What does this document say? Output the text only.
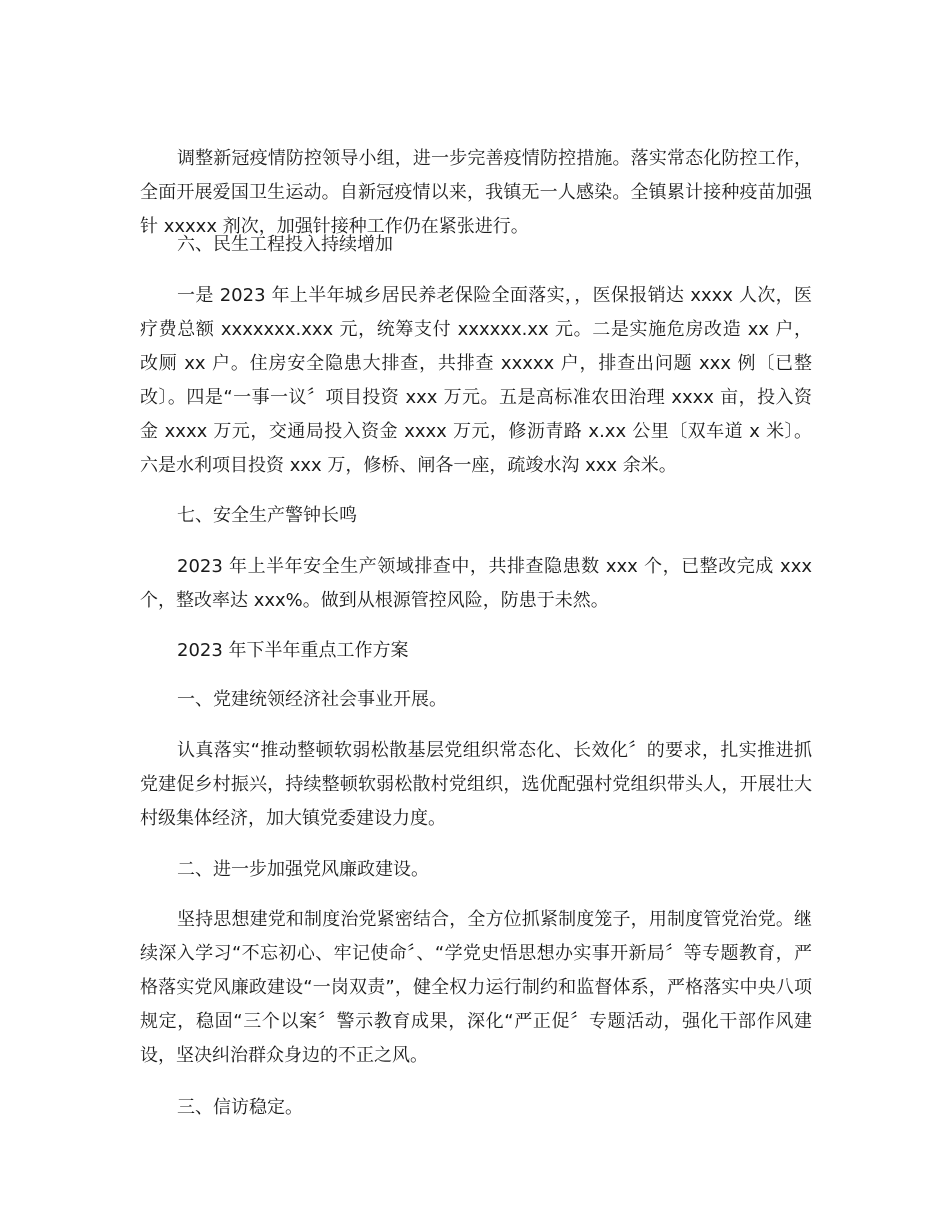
调整新冠疫情防控领导小组，进一步完善疫情防控措施。落实常态化防控工作，全面开展爱国卫生运动。自新冠疫情以来，我镇无一人感染。全镇累计接种疫苗加强针 xxxxx 剂次，加强针接种工作仍在紧张进行。

六、民生工程投入持续增加

一是 2023 年上半年城乡居民养老保险全面落实，，医保报销达 xxxx 人次，医疗费总额 xxxxxxx.xxx 元，统筹支付 xxxxxx.xx 元。二是实施危房改造 xx 户，改厕 xx 户。住房安全隐患大排查，共排查 xxxxx 户，排查出问题 xxx 例〔已整改〕。四是“一事一议〞项目投资 xxx 万元。五是高标准农田治理 xxxx 亩，投入资金 xxxx 万元，交通局投入资金 xxxx 万元，修沥青路 x.xx 公里〔双车道 x 米〕。六是水利项目投资 xxx 万，修桥、闸各一座，疏竣水沟 xxx 余米。

七、安全生产警钟长鸣

2023 年上半年安全生产领域排查中，共排查隐患数 xxx 个，已整改完成 xxx 个，整改率达 xxx%。做到从根源管控风险，防患于未然。

2023 年下半年重点工作方案

一、党建统领经济社会事业开展。

认真落实“推动整顿软弱松散基层党组织常态化、长效化〞的要求，扎实推进抓党建促乡村振兴，持续整顿软弱松散村党组织，选优配强村党组织带头人，开展壮大村级集体经济，加大镇党委建设力度。

二、进一步加强党风廉政建设。

坚持思想建党和制度治党紧密结合，全方位抓紧制度笼子，用制度管党治党。继续深入学习“不忘初心、牢记使命〞、“学党史悟思想办实事开新局〞等专题教育，严格落实党风廉政建设“一岗双责”，健全权力运行制约和监督体系，严格落实中央八项规定，稳固“三个以案〞警示教育成果，深化“严正促〞专题活动，强化干部作风建设，坚决纠治群众身边的不正之风。

三、信访稳定。
